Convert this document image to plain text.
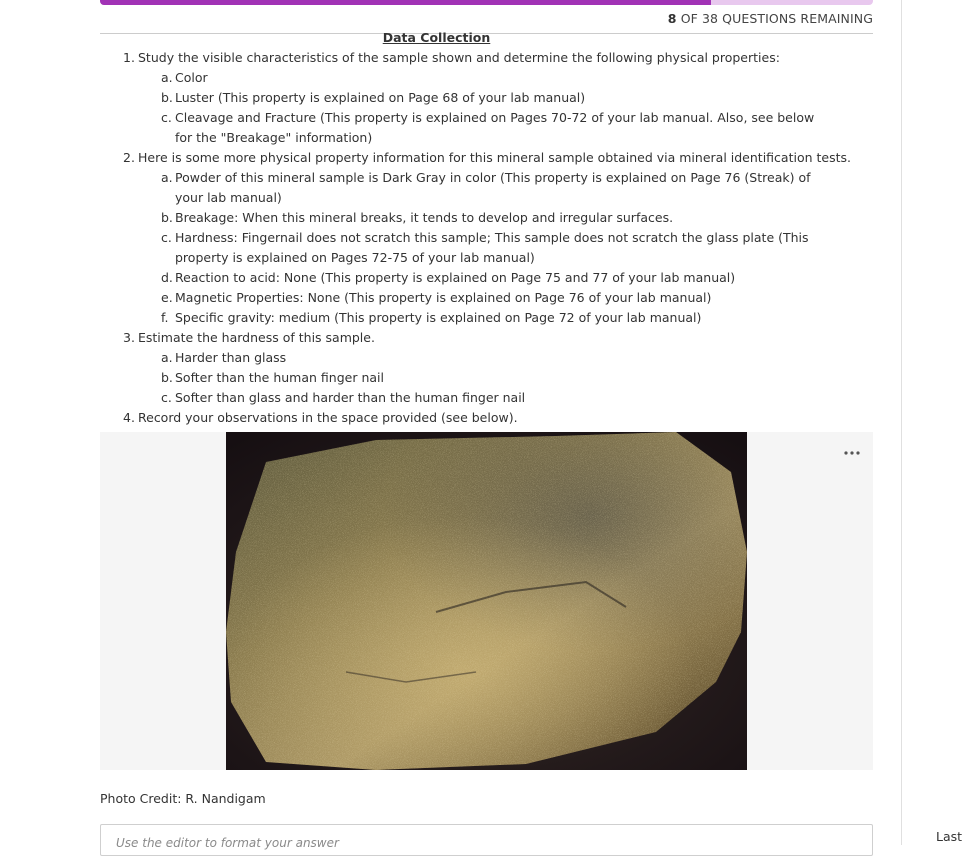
8 OF 38 QUESTIONS REMAINING
Data Collection
1. Study the visible characteristics of the sample shown and determine the following physical properties:
a. Color
b. Luster (This property is explained on Page 68 of your lab manual)
c. Cleavage and Fracture (This property is explained on Pages 70-72 of your lab manual. Also, see below for the "Breakage" information)
2. Here is some more physical property information for this mineral sample obtained via mineral identification tests.
a. Powder of this mineral sample is Dark Gray in color (This property is explained on Page 76 (Streak) of your lab manual)
b. Breakage: When this mineral breaks, it tends to develop and irregular surfaces.
c. Hardness: Fingernail does not scratch this sample; This sample does not scratch the glass plate (This property is explained on Pages 72-75 of your lab manual)
d. Reaction to acid: None (This property is explained on Page 75 and 77 of your lab manual)
e. Magnetic Properties: None (This property is explained on Page 76 of your lab manual)
f. Specific gravity: medium (This property is explained on Page 72 of your lab manual)
3. Estimate the hardness of this sample.
a. Harder than glass
b. Softer than the human finger nail
c. Softer than glass and harder than the human finger nail
4. Record your observations in the space provided (see below).
Photo Credit: R. Nandigam
Use the editor to format your answer	Last
